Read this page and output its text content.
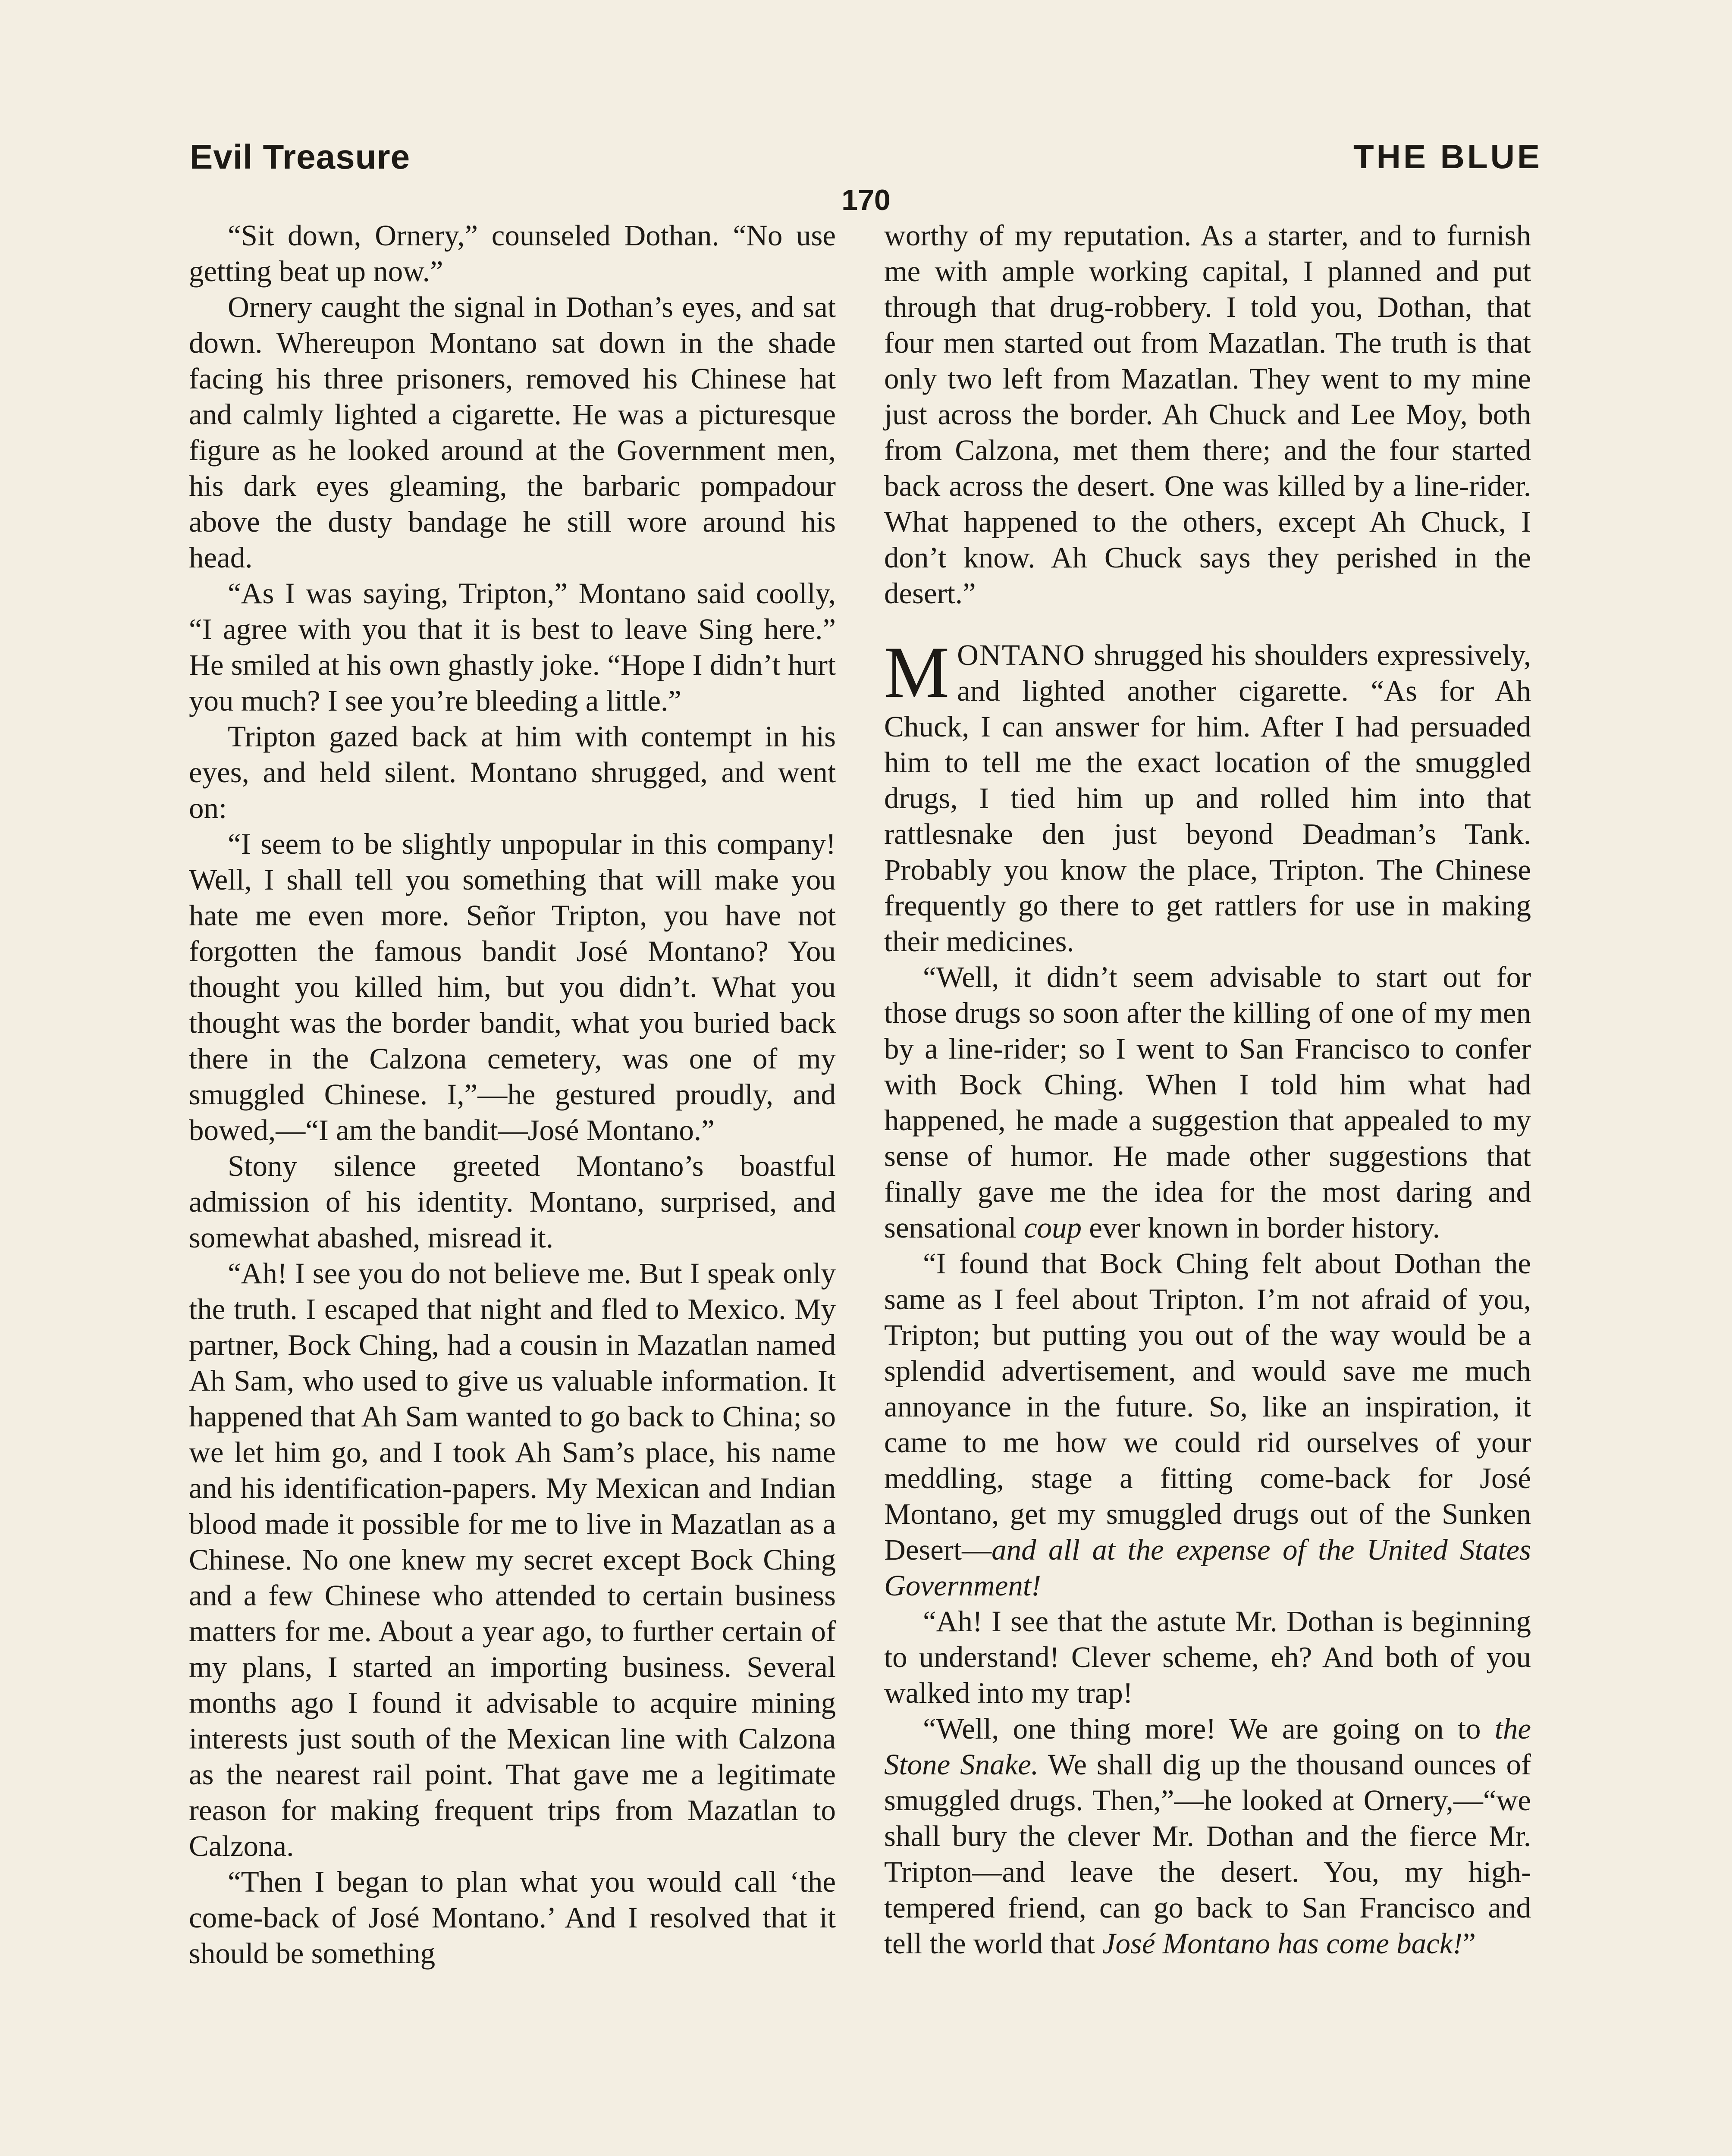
Evil Treasure	THE BLUE
170

“Sit down, Ornery,” counseled Dothan. “No use getting beat up now.”

Ornery caught the signal in Dothan’s eyes, and sat down. Whereupon Montano sat down in the shade facing his three prisoners, removed his Chinese hat and calmly lighted a cigarette. He was a picturesque figure as he looked around at the Government men, his dark eyes gleaming, the barbaric pompadour above the dusty bandage he still wore around his head.

“As I was saying, Tripton,” Montano said coolly, “I agree with you that it is best to leave Sing here.” He smiled at his own ghastly joke. “Hope I didn’t hurt you much? I see you’re bleeding a little.”

Tripton gazed back at him with contempt in his eyes, and held silent. Montano shrugged, and went on:

“I seem to be slightly unpopular in this company! Well, I shall tell you something that will make you hate me even more. Señor Tripton, you have not forgotten the famous bandit José Montano? You thought you killed him, but you didn’t. What you thought was the border bandit, what you buried back there in the Calzona cemetery, was one of my smuggled Chinese. I,”—he gestured proudly, and bowed,—“I am the bandit—José Montano.”

Stony silence greeted Montano’s boastful admission of his identity. Montano, surprised, and somewhat abashed, misread it.

“Ah! I see you do not believe me. But I speak only the truth. I escaped that night and fled to Mexico. My partner, Bock Ching, had a cousin in Mazatlan named Ah Sam, who used to give us valuable information. It happened that Ah Sam wanted to go back to China; so we let him go, and I took Ah Sam’s place, his name and his identification-papers. My Mexican and Indian blood made it possible for me to live in Mazatlan as a Chinese. No one knew my secret except Bock Ching and a few Chinese who attended to certain business matters for me. About a year ago, to further certain of my plans, I started an importing business. Several months ago I found it advisable to acquire mining interests just south of the Mexican line with Calzona as the nearest rail point. That gave me a legitimate reason for making frequent trips from Mazatlan to Calzona.

“Then I began to plan what you would call ‘the come-back of José Montano.’ And I resolved that it should be something

worthy of my reputation. As a starter, and to furnish me with ample working capital, I planned and put through that drug-robbery. I told you, Dothan, that four men started out from Mazatlan. The truth is that only two left from Mazatlan. They went to my mine just across the border. Ah Chuck and Lee Moy, both from Calzona, met them there; and the four started back across the desert. One was killed by a line-rider. What happened to the others, except Ah Chuck, I don’t know. Ah Chuck says they perished in the desert.”

MONTANO shrugged his shoulders expressively, and lighted another cigarette. “As for Ah Chuck, I can answer for him. After I had persuaded him to tell me the exact location of the smuggled drugs, I tied him up and rolled him into that rattlesnake den just beyond Deadman’s Tank. Probably you know the place, Tripton. The Chinese frequently go there to get rattlers for use in making their medicines.

“Well, it didn’t seem advisable to start out for those drugs so soon after the killing of one of my men by a line-rider; so I went to San Francisco to confer with Bock Ching. When I told him what had happened, he made a suggestion that appealed to my sense of humor. He made other suggestions that finally gave me the idea for the most daring and sensational coup ever known in border history.

“I found that Bock Ching felt about Dothan the same as I feel about Tripton. I’m not afraid of you, Tripton; but putting you out of the way would be a splendid advertisement, and would save me much annoyance in the future. So, like an inspiration, it came to me how we could rid ourselves of your meddling, stage a fitting come-back for José Montano, get my smuggled drugs out of the Sunken Desert—and all at the expense of the United States Government!

“Ah! I see that the astute Mr. Dothan is beginning to understand! Clever scheme, eh? And both of you walked into my trap!

“Well, one thing more! We are going on to the Stone Snake. We shall dig up the thousand ounces of smuggled drugs. Then,”—he looked at Ornery,—“we shall bury the clever Mr. Dothan and the fierce Mr. Tripton—and leave the desert. You, my high-tempered friend, can go back to San Francisco and tell the world that José Montano has come back!”
